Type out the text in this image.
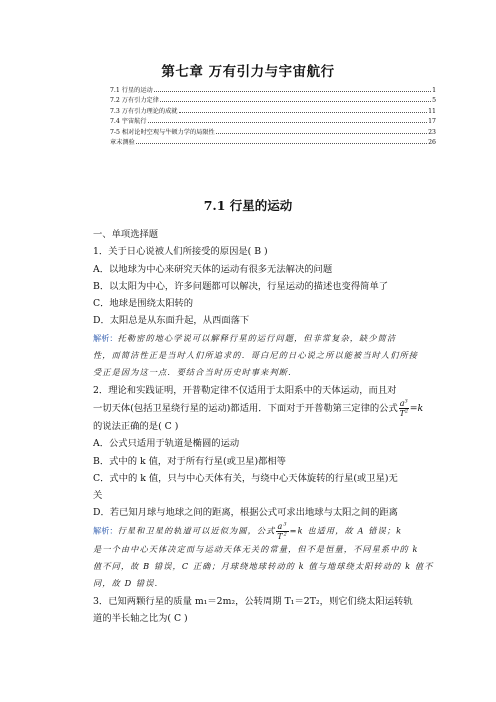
第七章 万有引力与宇宙航行
7.1 行星的运动	1
7.2 万有引力定律	5
7.3 万有引力理论的成就	11
7.4 宇宙航行	17
7-5 相对论时空观与牛顿力学的局限性	23
章末测验	26
7.1 行星的运动
一、单项选择题
1．关于日心说被人们所接受的原因是( B )
A．以地球为中心来研究天体的运动有很多无法解决的问题
B．以太阳为中心，许多问题都可以解决，行星运动的描述也变得简单了
C．地球是围绕太阳转的
D．太阳总是从东面升起，从西面落下
解析：托勒密的地心学说可以解释行星的运行问题，但非常复杂，缺少简洁
性，而简洁性正是当时人们所追求的．哥白尼的日心说之所以能被当时人们所接
受正是因为这一点．要结合当时历史时事来判断．
2．理论和实践证明，开普勒定律不仅适用于太阳系中的天体运动，而且对
一切天体(包括卫星绕行星的运动)都适用．下面对于开普勒第三定律的公式 $\frac{a^3}{T^2} =k$
的说法正确的是( C )
A．公式只适用于轨道是椭圆的运动
B．式中的 k 值，对于所有行星(或卫星)都相等
C．式中的 k 值，只与中心天体有关，与绕中心天体旋转的行星(或卫星)无
关
D．若已知月球与地球之间的距离，根据公式可求出地球与太阳之间的距离
解析：行星和卫星的轨道可以近似为圆，公式 $\frac{a^3}{T^2} =k$ 也适用，故 A 错误；k
是一个由中心天体决定而与运动天体无关的常量，但不是恒量，不同星系中的 k
值不同，故 B 错误，C 正确；月球绕地球转动的 k 值与地球绕太阳转动的 k 值不
同，故 D 错误．
3．已知两颗行星的质量 m₁＝2m₂，公转周期 T₁＝2T₂，则它们绕太阳运转轨
道的半长轴之比为( C )
